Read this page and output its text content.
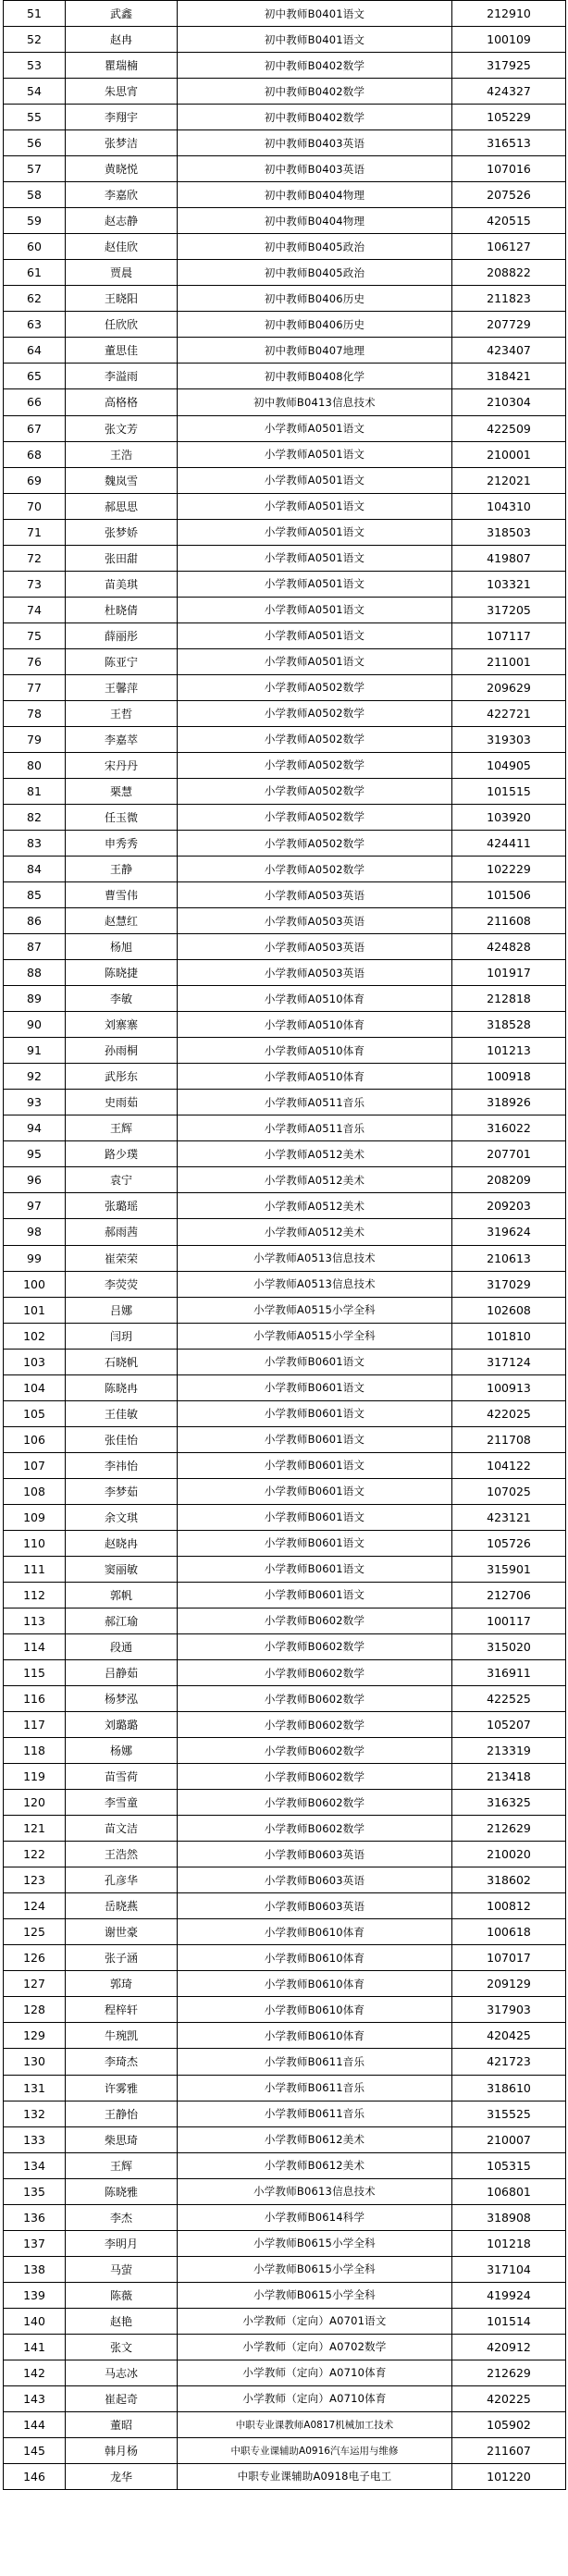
51	武鑫	初中教师B0401语文	212910
52	赵冉	初中教师B0401语文	100109
53	瞿瑞楠	初中教师B0402数学	317925
54	朱思宵	初中教师B0402数学	424327
55	李翔宇	初中教师B0402数学	105229
56	张梦洁	初中教师B0403英语	316513
57	黄晓悦	初中教师B0403英语	107016
58	李嘉欣	初中教师B0404物理	207526
59	赵志静	初中教师B0404物理	420515
60	赵佳欣	初中教师B0405政治	106127
61	贾晨	初中教师B0405政治	208822
62	王晓阳	初中教师B0406历史	211823
63	任欣欣	初中教师B0406历史	207729
64	董思佳	初中教师B0407地理	423407
65	李溢雨	初中教师B0408化学	318421
66	高格格	初中教师B0413信息技术	210304
67	张文芳	小学教师A0501语文	422509
68	王浩	小学教师A0501语文	210001
69	魏岚雪	小学教师A0501语文	212021
70	郝思思	小学教师A0501语文	104310
71	张梦娇	小学教师A0501语文	318503
72	张田甜	小学教师A0501语文	419807
73	苗美琪	小学教师A0501语文	103321
74	杜晓倩	小学教师A0501语文	317205
75	薛丽彤	小学教师A0501语文	107117
76	陈亚宁	小学教师A0501语文	211001
77	王馨萍	小学教师A0502数学	209629
78	王哲	小学教师A0502数学	422721
79	李嘉萃	小学教师A0502数学	319303
80	宋丹丹	小学教师A0502数学	104905
81	栗慧	小学教师A0502数学	101515
82	任玉微	小学教师A0502数学	103920
83	申秀秀	小学教师A0502数学	424411
84	王静	小学教师A0502数学	102229
85	曹雪伟	小学教师A0503英语	101506
86	赵慧红	小学教师A0503英语	211608
87	杨旭	小学教师A0503英语	424828
88	陈晓捷	小学教师A0503英语	101917
89	李敏	小学教师A0510体育	212818
90	刘寨寨	小学教师A0510体育	318528
91	孙雨桐	小学教师A0510体育	101213
92	武彤东	小学教师A0510体育	100918
93	史雨茹	小学教师A0511音乐	318926
94	王辉	小学教师A0511音乐	316022
95	路少璞	小学教师A0512美术	207701
96	袁宁	小学教师A0512美术	208209
97	张璐瑶	小学教师A0512美术	209203
98	郝雨茜	小学教师A0512美术	319624
99	崔荣荣	小学教师A0513信息技术	210613
100	李荧荧	小学教师A0513信息技术	317029
101	吕娜	小学教师A0515小学全科	102608
102	闫玥	小学教师A0515小学全科	101810
103	石晓帆	小学教师B0601语文	317124
104	陈晓冉	小学教师B0601语文	100913
105	王佳敏	小学教师B0601语文	422025
106	张佳怡	小学教师B0601语文	211708
107	李祎怡	小学教师B0601语文	104122
108	李梦茹	小学教师B0601语文	107025
109	余文琪	小学教师B0601语文	423121
110	赵晓冉	小学教师B0601语文	105726
111	窦丽敏	小学教师B0601语文	315901
112	郭帆	小学教师B0601语文	212706
113	郝江瑜	小学教师B0602数学	100117
114	段通	小学教师B0602数学	315020
115	吕静茹	小学教师B0602数学	316911
116	杨梦泓	小学教师B0602数学	422525
117	刘璐璐	小学教师B0602数学	105207
118	杨娜	小学教师B0602数学	213319
119	苗雪荷	小学教师B0602数学	213418
120	李雪童	小学教师B0602数学	316325
121	苗文洁	小学教师B0602数学	212629
122	王浩然	小学教师B0603英语	210020
123	孔彦华	小学教师B0603英语	318602
124	岳晓燕	小学教师B0603英语	100812
125	谢世豪	小学教师B0610体育	100618
126	张子涵	小学教师B0610体育	107017
127	郭琦	小学教师B0610体育	209129
128	程梓轩	小学教师B0610体育	317903
129	牛琬凯	小学教师B0610体育	420425
130	李琦杰	小学教师B0611音乐	421723
131	许雾雅	小学教师B0611音乐	318610
132	王静怡	小学教师B0611音乐	315525
133	柴思琦	小学教师B0612美术	210007
134	王辉	小学教师B0612美术	105315
135	陈晓雅	小学教师B0613信息技术	106801
136	李杰	小学教师B0614科学	318908
137	李明月	小学教师B0615小学全科	101218
138	马萤	小学教师B0615小学全科	317104
139	陈薇	小学教师B0615小学全科	419924
140	赵艳	小学教师（定向）A0701语文	101514
141	张文	小学教师（定向）A0702数学	420912
142	马志冰	小学教师（定向）A0710体育	212629
143	崔起奇	小学教师（定向）A0710体育	420225
144	董昭	中职专业课教师A0817机械加工技术	105902
145	韩月杨	中职专业课辅助A0916汽车运用与维修	211607
146	龙华	中职专业课辅助A0918电子电工	101220
